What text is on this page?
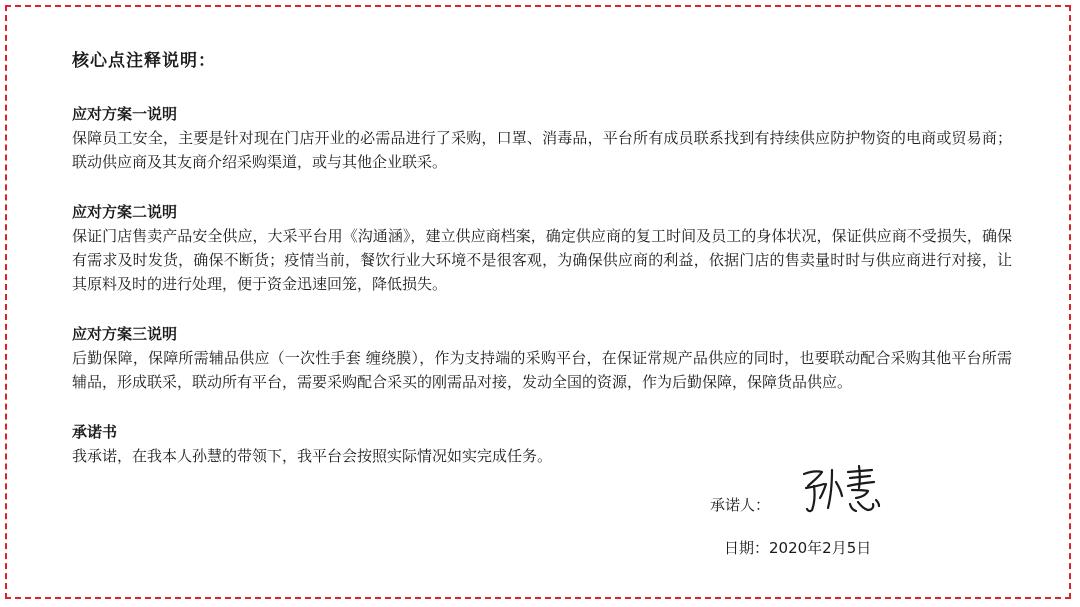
核心点注释说明：

应对方案一说明

保障员工安全，主要是针对现在门店开业的必需品进行了采购，口罩、消毒品，平台所有成员联系找到有持续供应防护物资的电商或贸易商； 联动供应商及其友商介绍采购渠道，或与其他企业联采。

应对方案二说明

保证门店售卖产品安全供应，大采平台用《沟通涵》，建立供应商档案，确定供应商的复工时间及员工的身体状况，保证供应商不受损失，确保有需求及时发货，确保不断货；疫情当前，餐饮行业大环境不是很客观，为确保供应商的利益，依据门店的售卖量时时与供应商进行对接，让其原料及时的进行处理，便于资金迅速回笼，降低损失。

应对方案三说明

后勤保障，保障所需辅品供应（一次性手套 缠绕膜），作为支持端的采购平台，在保证常规产品供应的同时，也要联动配合采购其他平台所需辅品，形成联采，联动所有平台，需要采购配合采买的刚需品对接，发动全国的资源，作为后勤保障，保障货品供应。

承诺书

我承诺，在我本人孙慧的带领下，我平台会按照实际情况如实完成任务。

承诺人：
日期：2020年2月5日
